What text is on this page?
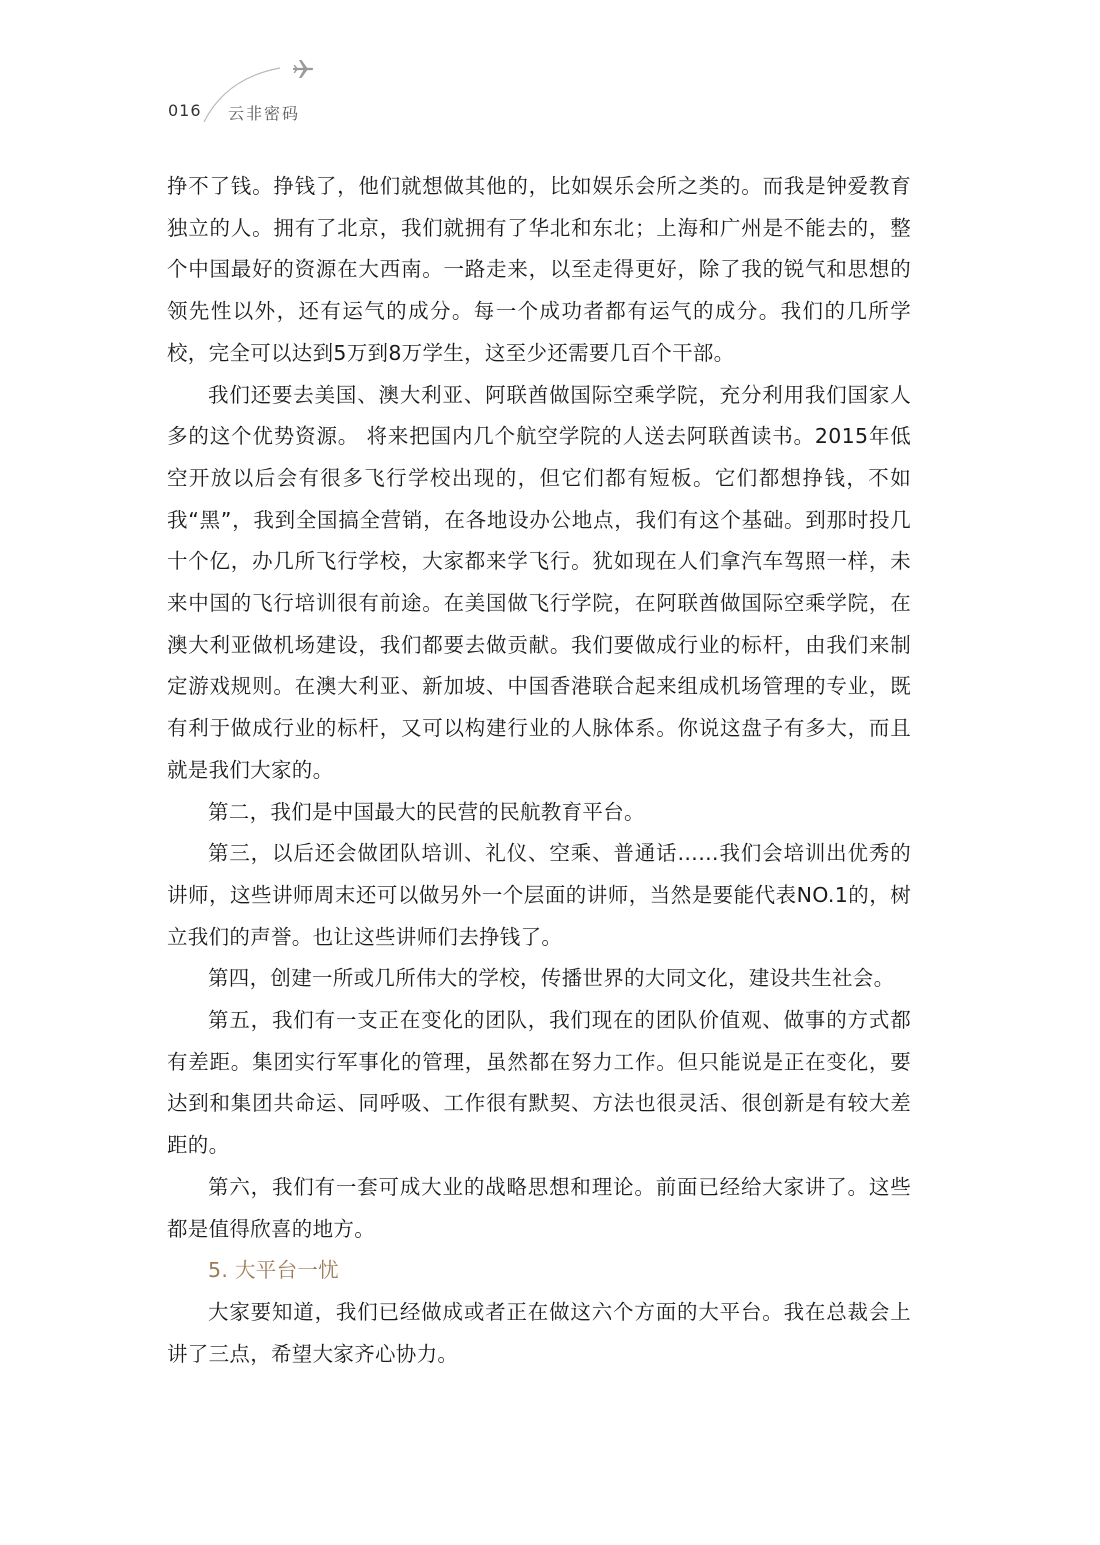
016 云非密码

挣不了钱。挣钱了，他们就想做其他的，比如娱乐会所之类的。而我是钟爱教育独立的人。拥有了北京，我们就拥有了华北和东北；上海和广州是不能去的，整个中国最好的资源在大西南。一路走来，以至走得更好，除了我的锐气和思想的领先性以外，还有运气的成分。每一个成功者都有运气的成分。我们的几所学校，完全可以达到5万到8万学生，这至少还需要几百个干部。

我们还要去美国、澳大利亚、阿联酋做国际空乘学院，充分利用我们国家人多的这个优势资源。 将来把国内几个航空学院的人送去阿联酋读书。2015年低空开放以后会有很多飞行学校出现的，但它们都有短板。它们都想挣钱，不如我“黑”，我到全国搞全营销，在各地设办公地点，我们有这个基础。到那时投几十个亿，办几所飞行学校，大家都来学飞行。犹如现在人们拿汽车驾照一样，未来中国的飞行培训很有前途。在美国做飞行学院，在阿联酋做国际空乘学院，在澳大利亚做机场建设，我们都要去做贡献。我们要做成行业的标杆，由我们来制定游戏规则。在澳大利亚、新加坡、中国香港联合起来组成机场管理的专业，既有利于做成行业的标杆，又可以构建行业的人脉体系。你说这盘子有多大，而且就是我们大家的。

第二，我们是中国最大的民营的民航教育平台。

第三，以后还会做团队培训、礼仪、空乘、普通话……我们会培训出优秀的讲师，这些讲师周末还可以做另外一个层面的讲师，当然是要能代表NO.1的，树立我们的声誉。也让这些讲师们去挣钱了。

第四，创建一所或几所伟大的学校，传播世界的大同文化，建设共生社会。

第五，我们有一支正在变化的团队，我们现在的团队价值观、做事的方式都有差距。集团实行军事化的管理，虽然都在努力工作。但只能说是正在变化，要达到和集团共命运、同呼吸、工作很有默契、方法也很灵活、很创新是有较大差距的。

第六，我们有一套可成大业的战略思想和理论。前面已经给大家讲了。这些都是值得欣喜的地方。

5. 大平台一忧

大家要知道，我们已经做成或者正在做这六个方面的大平台。我在总裁会上讲了三点，希望大家齐心协力。
